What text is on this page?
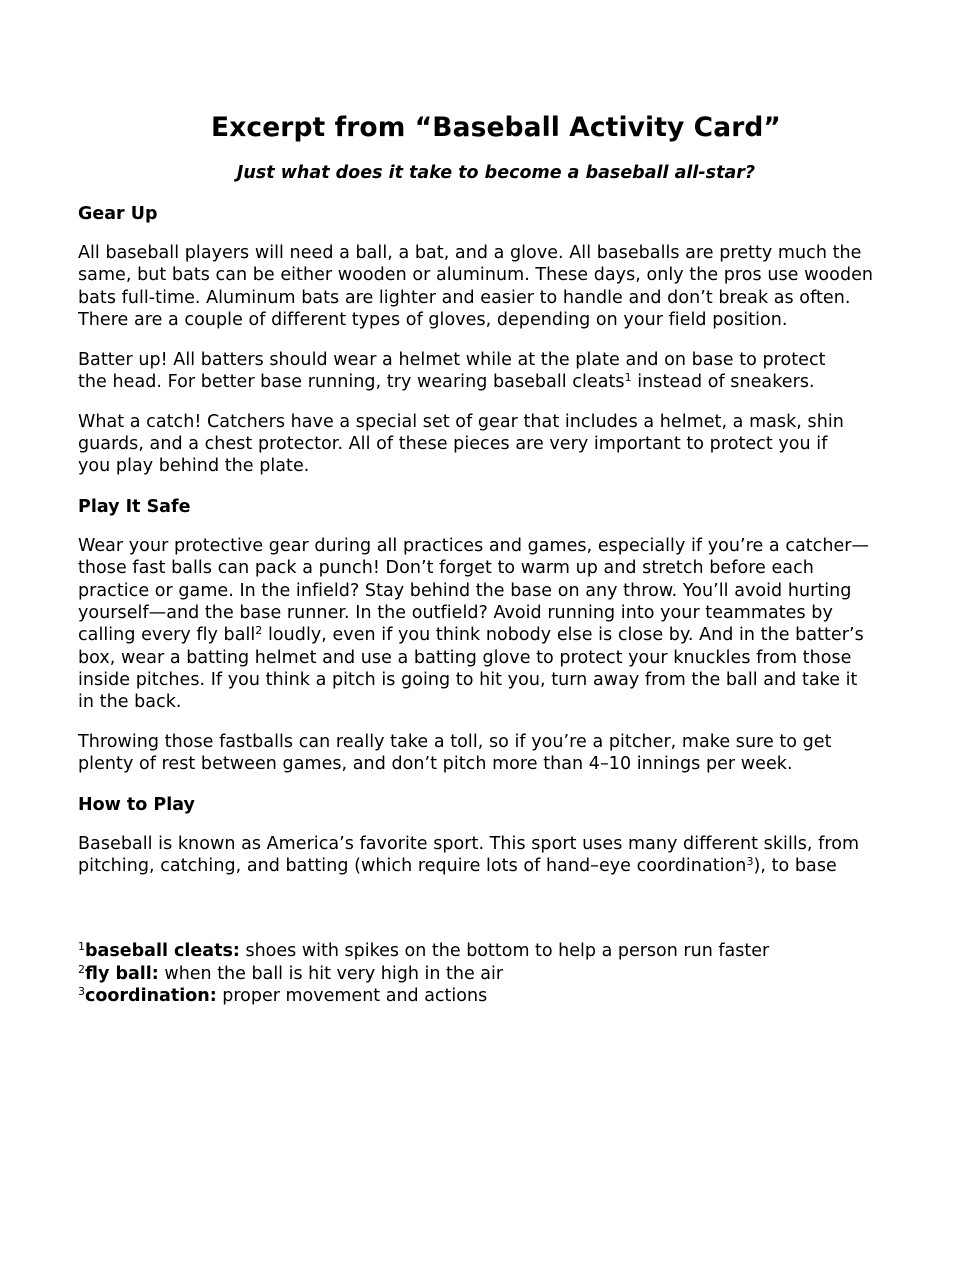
Excerpt from “Baseball Activity Card”
Just what does it take to become a baseball all-star?
Gear Up
All baseball players will need a ball, a bat, and a glove. All baseballs are pretty much the
same, but bats can be either wooden or aluminum. These days, only the pros use wooden
bats full-time. Aluminum bats are lighter and easier to handle and don’t break as often.
There are a couple of different types of gloves, depending on your field position.
Batter up! All batters should wear a helmet while at the plate and on base to protect
the head. For better base running, try wearing baseball cleats$^1$ instead of sneakers.
What a catch! Catchers have a special set of gear that includes a helmet, a mask, shin
guards, and a chest protector. All of these pieces are very important to protect you if
you play behind the plate.
Play It Safe
Wear your protective gear during all practices and games, especially if you’re a catcher—
those fast balls can pack a punch! Don’t forget to warm up and stretch before each
practice or game. In the infield? Stay behind the base on any throw. You’ll avoid hurting
yourself—and the base runner. In the outfield? Avoid running into your teammates by
calling every fly ball$^2$ loudly, even if you think nobody else is close by. And in the batter’s
box, wear a batting helmet and use a batting glove to protect your knuckles from those
inside pitches. If you think a pitch is going to hit you, turn away from the ball and take it
in the back.
Throwing those fastballs can really take a toll, so if you’re a pitcher, make sure to get
plenty of rest between games, and don’t pitch more than 4–10 innings per week.
How to Play
Baseball is known as America’s favorite sport. This sport uses many different skills, from
pitching, catching, and batting (which require lots of hand–eye coordination$^3$), to base
$^1$baseball cleats: shoes with spikes on the bottom to help a person run faster
$^2$fly ball: when the ball is hit very high in the air
$^3$coordination: proper movement and actions
